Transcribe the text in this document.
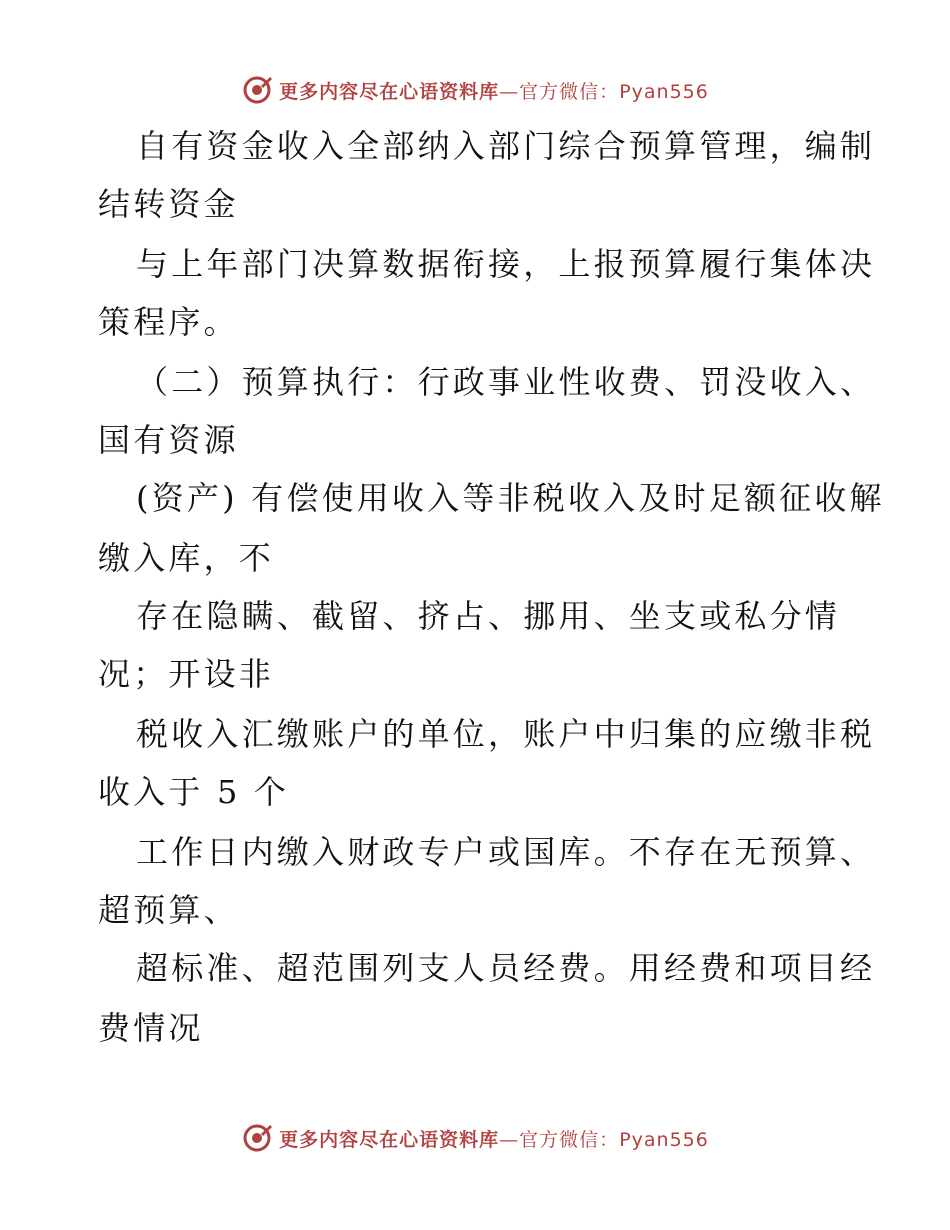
更多内容尽在心语资料库—官方微信：Pyan556
自有资金收入全部纳入部门综合预算管理，编制
结转资金
与上年部门决算数据衔接，上报预算履行集体决
策程序。
（二）预算执行：行政事业性收费、罚没收入、
国有资源
(资产) 有偿使用收入等非税收入及时足额征收解
缴入库，不
存在隐瞒、截留、挤占、挪用、坐支或私分情
况；开设非
税收入汇缴账户的单位，账户中归集的应缴非税
收入于 5 个
工作日内缴入财政专户或国库。不存在无预算、
超预算、
超标准、超范围列支人员经费。用经费和项目经
费情况
更多内容尽在心语资料库—官方微信：Pyan556
